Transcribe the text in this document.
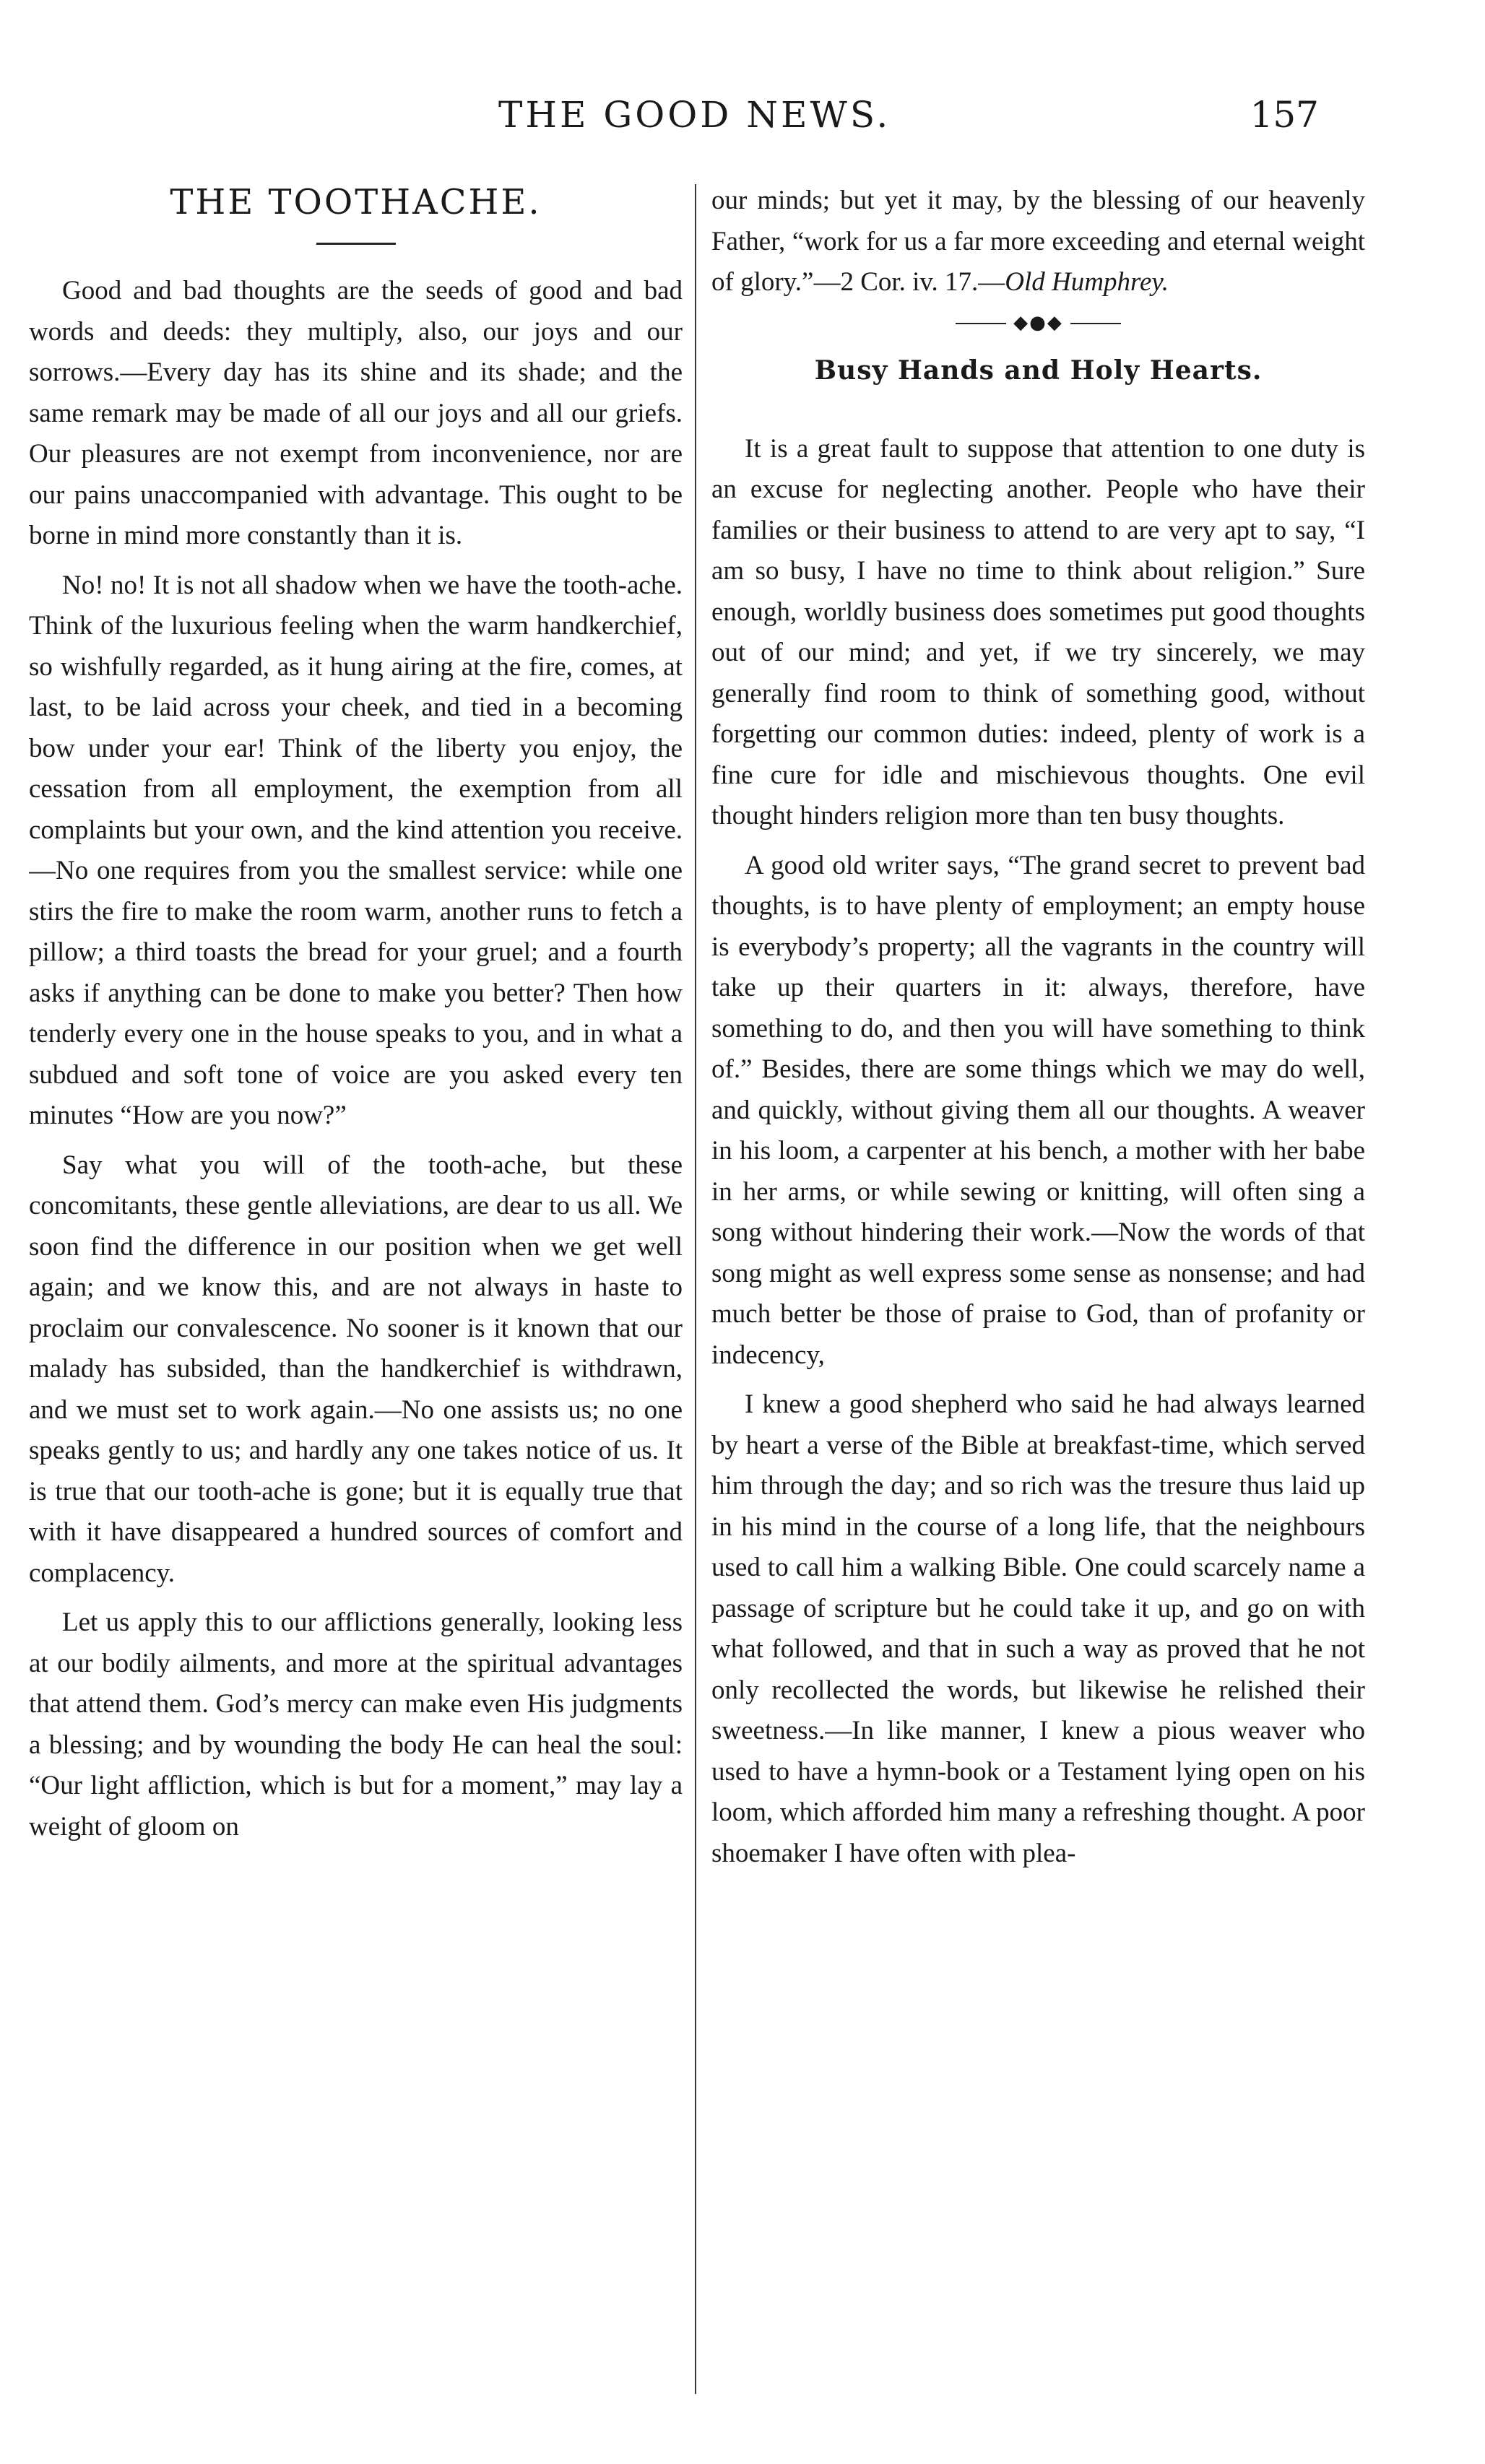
THE GOOD NEWS.	157
THE TOOTHACHE.

Good and bad thoughts are the seeds of good and bad words and deeds: they multiply, also, our joys and our sorrows.—Every day has its shine and its shade; and the same remark may be made of all our joys and all our griefs. Our pleasures are not exempt from inconvenience, nor are our pains unaccompanied with advantage. This ought to be borne in mind more constantly than it is.

No! no! It is not all shadow when we have the tooth-ache. Think of the luxurious feeling when the warm handkerchief, so wishfully regarded, as it hung airing at the fire, comes, at last, to be laid across your cheek, and tied in a becoming bow under your ear! Think of the liberty you enjoy, the cessation from all employment, the exemption from all complaints but your own, and the kind attention you receive.—No one requires from you the smallest service: while one stirs the fire to make the room warm, another runs to fetch a pillow; a third toasts the bread for your gruel; and a fourth asks if anything can be done to make you better? Then how tenderly every one in the house speaks to you, and in what a subdued and soft tone of voice are you asked every ten minutes “How are you now?”

Say what you will of the tooth-ache, but these concomitants, these gentle alleviations, are dear to us all. We soon find the difference in our position when we get well again; and we know this, and are not always in haste to proclaim our convalescence. No sooner is it known that our malady has subsided, than the handkerchief is withdrawn, and we must set to work again.—No one assists us; no one speaks gently to us; and hardly any one takes notice of us. It is true that our tooth-ache is gone; but it is equally true that with it have disappeared a hundred sources of comfort and complacency.

Let us apply this to our afflictions generally, looking less at our bodily ailments, and more at the spiritual advantages that attend them. God’s mercy can make even His judgments a blessing; and by wounding the body He can heal the soul: “Our light affliction, which is but for a moment,” may lay a weight of gloom on

our minds; but yet it may, by the blessing of our heavenly Father, “work for us a far more exceeding and eternal weight of glory.”—2 Cor. iv. 17.—Old Humphrey.

◆●◆
Busy Hands and Holy Hearts.

It is a great fault to suppose that attention to one duty is an excuse for neglecting another. People who have their families or their business to attend to are very apt to say, “I am so busy, I have no time to think about religion.” Sure enough, worldly business does sometimes put good thoughts out of our mind; and yet, if we try sincerely, we may generally find room to think of something good, without forgetting our common duties: indeed, plenty of work is a fine cure for idle and mischievous thoughts. One evil thought hinders religion more than ten busy thoughts.

A good old writer says, “The grand secret to prevent bad thoughts, is to have plenty of employment; an empty house is everybody’s property; all the vagrants in the country will take up their quarters in it: always, therefore, have something to do, and then you will have something to think of.” Besides, there are some things which we may do well, and quickly, without giving them all our thoughts. A weaver in his loom, a carpenter at his bench, a mother with her babe in her arms, or while sewing or knitting, will often sing a song without hindering their work.—Now the words of that song might as well express some sense as nonsense; and had much better be those of praise to God, than of profanity or indecency,

I knew a good shepherd who said he had always learned by heart a verse of the Bible at breakfast-time, which served him through the day; and so rich was the tresure thus laid up in his mind in the course of a long life, that the neighbours used to call him a walking Bible. One could scarcely name a passage of scripture but he could take it up, and go on with what followed, and that in such a way as proved that he not only recollected the words, but likewise he relished their sweetness.—In like manner, I knew a pious weaver who used to have a hymn-book or a Testament lying open on his loom, which afforded him many a refreshing thought. A poor shoemaker I have often with plea-
